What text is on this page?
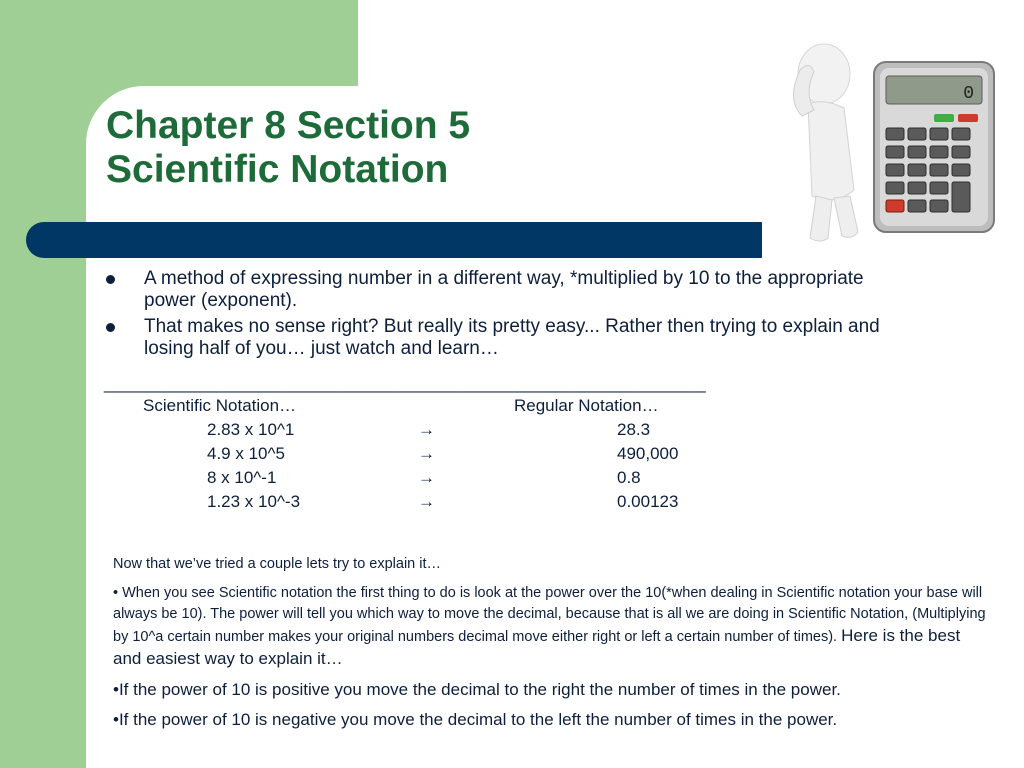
Chapter 8 Section 5
Scientific Notation
0
A method of expressing number in a different way, *multiplied by 10 to the appropriate power (exponent).
That makes no sense right? But really its pretty easy... Rather then trying to explain and losing half of you… just watch and learn…
_________________________________________________________________
Scientific Notation…	Regular Notation…
2.83 x 10^1	→	28.3
4.9 x 10^5	→	490,000
8 x 10^-1	→	0.8
1.23 x 10^-3	→	0.00123

Now that we’ve tried a couple lets try to explain it…

• When you see Scientific notation the first thing to do is look at the power over the 10(*when dealing in Scientific notation your base will always be 10). The power will tell you which way to move the decimal, because that is all we are doing in Scientific Notation, (Multiplying by 10^a certain number makes your original numbers decimal move either right or left a certain number of times). Here is the best and easiest way to explain it…

•If the power of 10 is positive you move the decimal to the right the number of times in the power.

•If the power of 10 is negative you move the decimal to the left the number of times in the power.
